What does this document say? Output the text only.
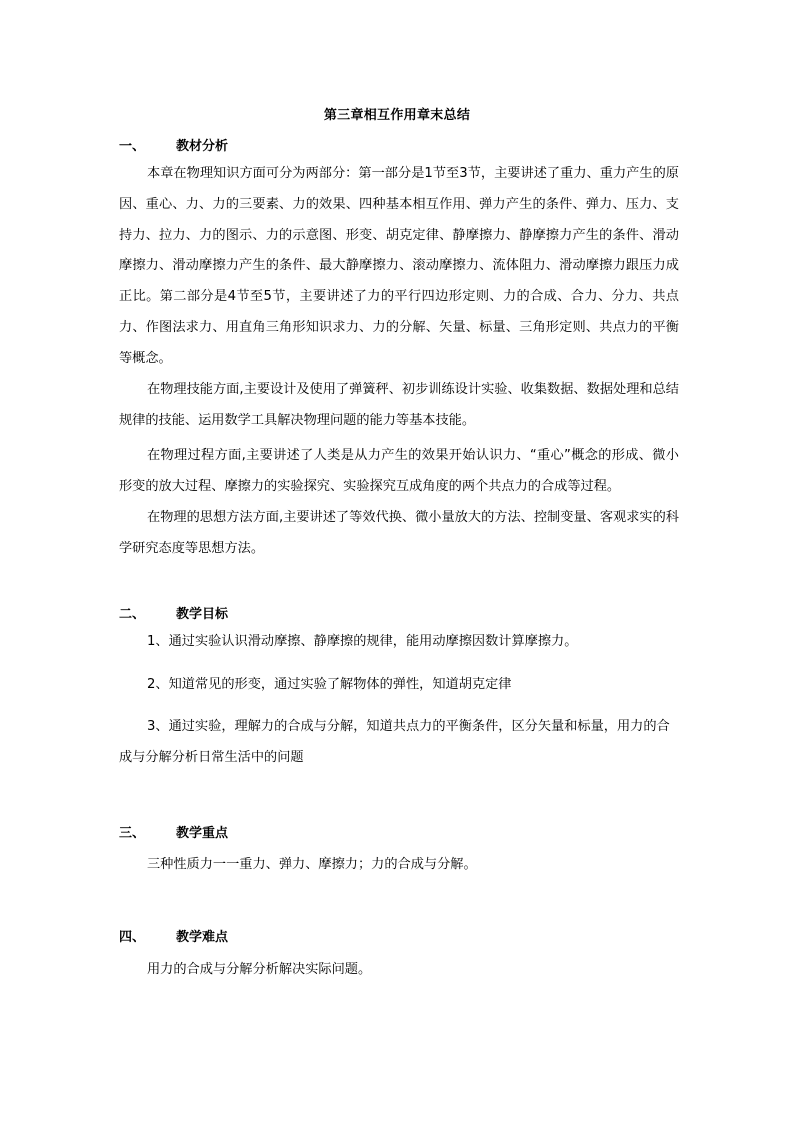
第三章相互作用章末总结
一、 教材分析

本章在物理知识方面可分为两部分：第一部分是1节至3节，主要讲述了重力、重力产生的原因、重心、力、力的三要素、力的效果、四种基本相互作用、弹力产生的条件、弹力、压力、支持力、拉力、力的图示、力的示意图、形变、胡克定律、静摩擦力、静摩擦力产生的条件、滑动摩擦力、滑动摩擦力产生的条件、最大静摩擦力、滚动摩擦力、流体阻力、滑动摩擦力跟压力成正比。第二部分是4节至5节，主要讲述了力的平行四边形定则、力的合成、合力、分力、共点力、作图法求力、用直角三角形知识求力、力的分解、矢量、标量、三角形定则、共点力的平衡等概念。

在物理技能方面,主要设计及使用了弹簧秤、初步训练设计实验、收集数据、数据处理和总结规律的技能、运用数学工具解决物理问题的能力等基本技能。

在物理过程方面,主要讲述了人类是从力产生的效果开始认识力、“重心”概念的形成、微小形变的放大过程、摩擦力的实验探究、实验探究互成角度的两个共点力的合成等过程。

在物理的思想方法方面,主要讲述了等效代换、微小量放大的方法、控制变量、客观求实的科学研究态度等思想方法。

二、 教学目标

1、通过实验认识滑动摩擦、静摩擦的规律，能用动摩擦因数计算摩擦力。

2、知道常见的形变，通过实验了解物体的弹性，知道胡克定律

3、通过实验，理解力的合成与分解，知道共点力的平衡条件，区分矢量和标量，用力的合成与分解分析日常生活中的问题

三、 教学重点
三种性质力一一重力、弹力、摩擦力；力的合成与分解。
四、 教学难点
用力的合成与分解分析解决实际问题。
